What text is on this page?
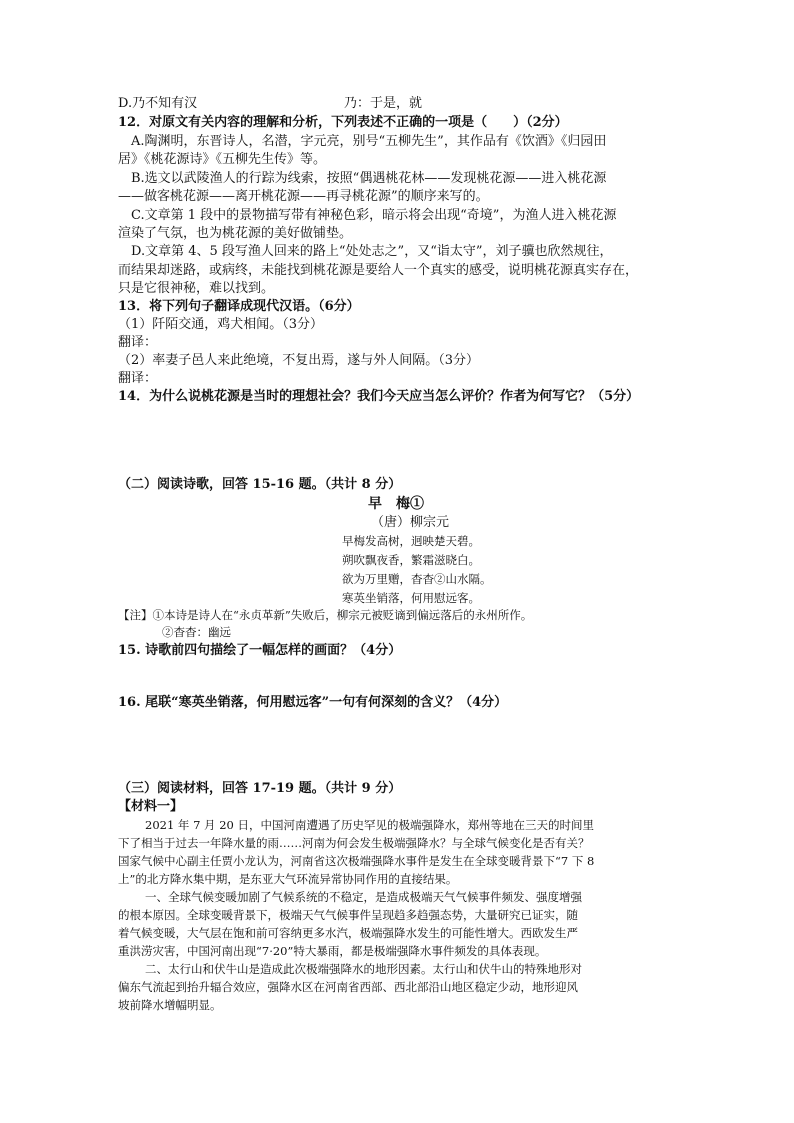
D.乃不知有汉	乃：于是，就
12．对原文有关内容的理解和分析，下列表述不正确的一项是（　　）（2分）
A.陶渊明，东晋诗人，名潜，字元亮，别号“五柳先生”，其作品有《饮酒》《归园田
居》《桃花源诗》《五柳先生传》等。
B.选文以武陵渔人的行踪为线索，按照“偶遇桃花林——发现桃花源——进入桃花源
——做客桃花源——离开桃花源——再寻桃花源”的顺序来写的。
C.文章第 1 段中的景物描写带有神秘色彩，暗示将会出现“奇境”，为渔人进入桃花源
渲染了气氛，也为桃花源的美好做铺垫。
D.文章第 4、5 段写渔人回来的路上“处处志之”，又“诣太守”，刘子骥也欣然规往，
而结果却迷路，或病终，未能找到桃花源是要给人一个真实的感受，说明桃花源真实存在，
只是它很神秘，难以找到。
13．将下列句子翻译成现代汉语。（6分）
（1）阡陌交通，鸡犬相闻。（3分）
翻译：
（2）率妻子邑人来此绝境，不复出焉，遂与外人间隔。（3分）
翻译：
14．为什么说桃花源是当时的理想社会？我们今天应当怎么评价？作者为何写它？（5分）
（二）阅读诗歌，回答 15-16 题。（共计 8 分）
早　梅①
（唐）柳宗元
早梅发高树，迥映楚天碧。
朔吹飘夜香，繁霜滋晓白。
欲为万里赠，杳杳②山水隔。
寒英坐销落，何用慰远客。
【注】①本诗是诗人在“永贞革新”失败后，柳宗元被贬谪到偏远落后的永州所作。
②杳杳：幽远
15. 诗歌前四句描绘了一幅怎样的画面？（4分）
16. 尾联“寒英坐销落，何用慰远客”一句有何深刻的含义？（4分）
（三）阅读材料，回答 17-19 题。（共计 9 分）
【材料一】
2021 年 7 月 20 日，中国河南遭遇了历史罕见的极端强降水，郑州等地在三天的时间里
下了相当于过去一年降水量的雨……河南为何会发生极端强降水？与全球气候变化是否有关？
国家气候中心副主任贾小龙认为，河南省这次极端强降水事件是发生在全球变暖背景下“7 下 8
上”的北方降水集中期，是东亚大气环流异常协同作用的直接结果。
一、全球气候变暖加剧了气候系统的不稳定，是造成极端天气气候事件频发、强度增强
的根本原因。全球变暖背景下，极端天气气候事件呈现趋多趋强态势，大量研究已证实，随
着气候变暖，大气层在饱和前可容纳更多水汽，极端强降水发生的可能性增大。西欧发生严
重洪涝灾害，中国河南出现“7·20”特大暴雨，都是极端强降水事件频发的具体表现。
二、太行山和伏牛山是造成此次极端强降水的地形因素。太行山和伏牛山的特殊地形对
偏东气流起到抬升辐合效应，强降水区在河南省西部、西北部沿山地区稳定少动，地形迎风
坡前降水增幅明显。
